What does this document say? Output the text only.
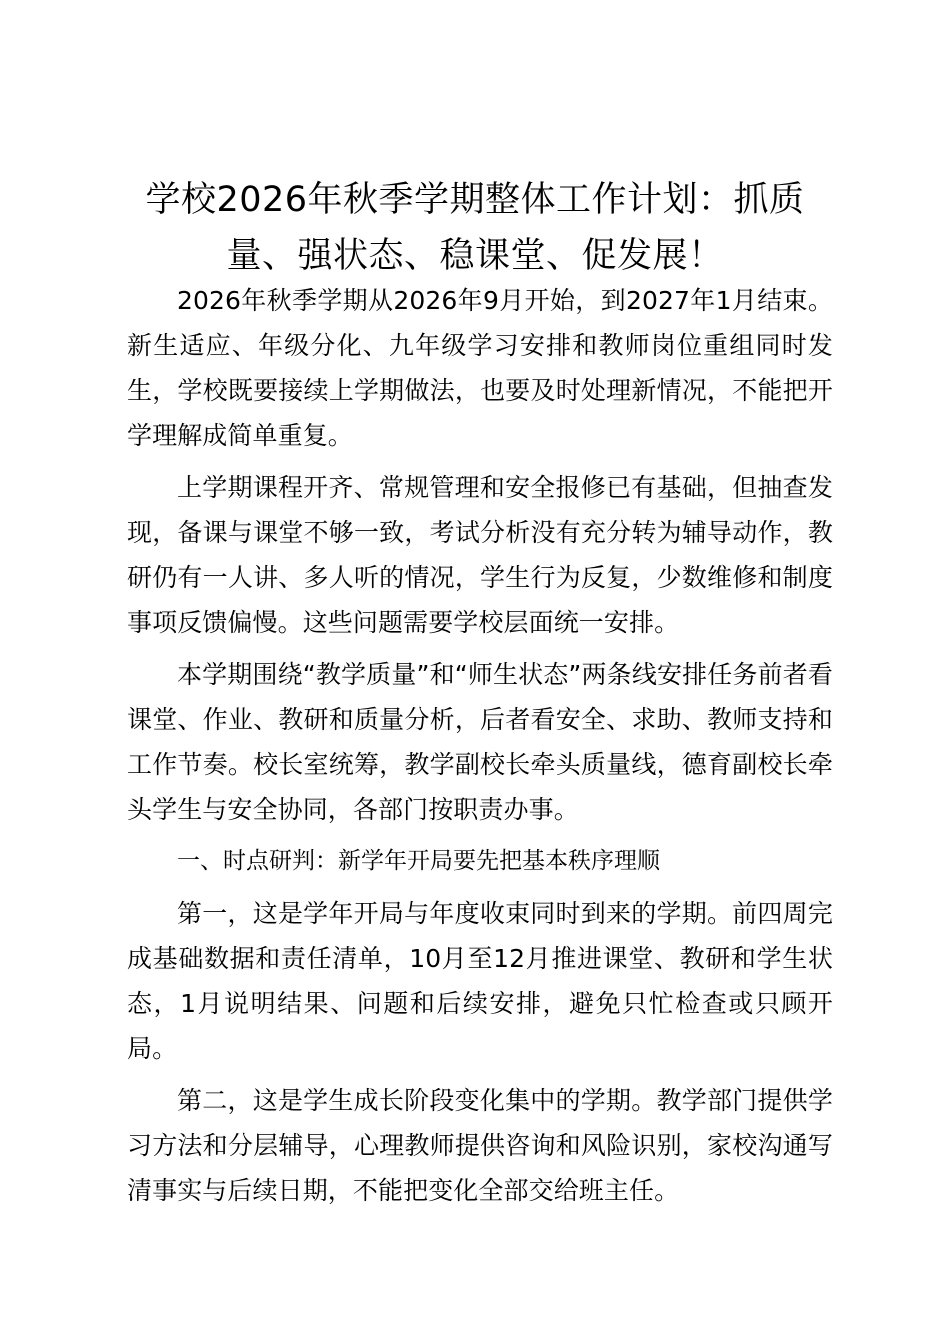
学校2026年秋季学期整体工作计划：抓质量、强状态、稳课堂、促发展！

2026年秋季学期从2026年9月开始，到2027年1月结束。新生适应、年级分化、九年级学习安排和教师岗位重组同时发生，学校既要接续上学期做法，也要及时处理新情况，不能把开学理解成简单重复。

上学期课程开齐、常规管理和安全报修已有基础，但抽查发现，备课与课堂不够一致，考试分析没有充分转为辅导动作，教研仍有一人讲、多人听的情况，学生行为反复，少数维修和制度事项反馈偏慢。这些问题需要学校层面统一安排。

本学期围绕“教学质量”和“师生状态”两条线安排任务前者看课堂、作业、教研和质量分析，后者看安全、求助、教师支持和工作节奏。校长室统筹，教学副校长牵头质量线，德育副校长牵头学生与安全协同，各部门按职责办事。

一、时点研判：新学年开局要先把基本秩序理顺

第一，这是学年开局与年度收束同时到来的学期。前四周完成基础数据和责任清单，10月至12月推进课堂、教研和学生状态，1月说明结果、问题和后续安排，避免只忙检查或只顾开局。

第二，这是学生成长阶段变化集中的学期。教学部门提供学习方法和分层辅导，心理教师提供咨询和风险识别，家校沟通写清事实与后续日期，不能把变化全部交给班主任。
